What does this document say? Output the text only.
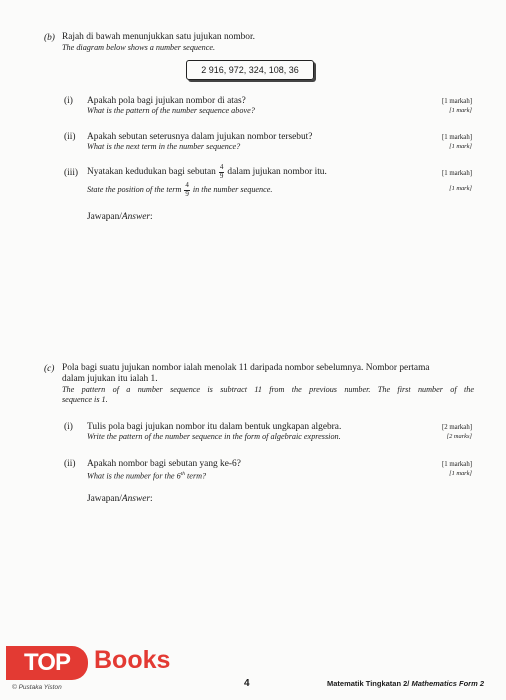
(b) Rajah di bawah menunjukkan satu jujukan nombor.
The diagram below shows a number sequence.
2 916, 972, 324, 108, 36
(i) Apakah pola bagi jujukan nombor di atas?
What is the pattern of the number sequence above?
[1 markah]
[1 mark]
(ii) Apakah sebutan seterusnya dalam jujukan nombor tersebut?
What is the next term in the number sequence?
[1 markah]
[1 mark]
(iii) Nyatakan kedudukan bagi sebutan $\frac{4}{9}$ dalam jujukan nombor itu.
State the position of the term $\frac{4}{9}$ in the number sequence.
[1 markah]
[1 mark]
Jawapan/Answer:
(c) Pola bagi suatu jujukan nombor ialah menolak 11 daripada nombor sebelumnya. Nombor pertama
dalam jujukan itu ialah 1.
The pattern of a number sequence is subtract 11 from the previous number. The first number of the
sequence is 1.
(i) Tulis pola bagi jujukan nombor itu dalam bentuk ungkapan algebra.
Write the pattern of the number sequence in the form of algebraic expression.
[2 markah]
[2 marks]
(ii) Apakah nombor bagi sebutan yang ke-6?
What is the number for the 6th term?
[1 markah]
[1 mark]
Jawapan/Answer:
TOP Books
© Pustaka Yiston	4	Matematik Tingkatan 2/ Mathematics Form 2
